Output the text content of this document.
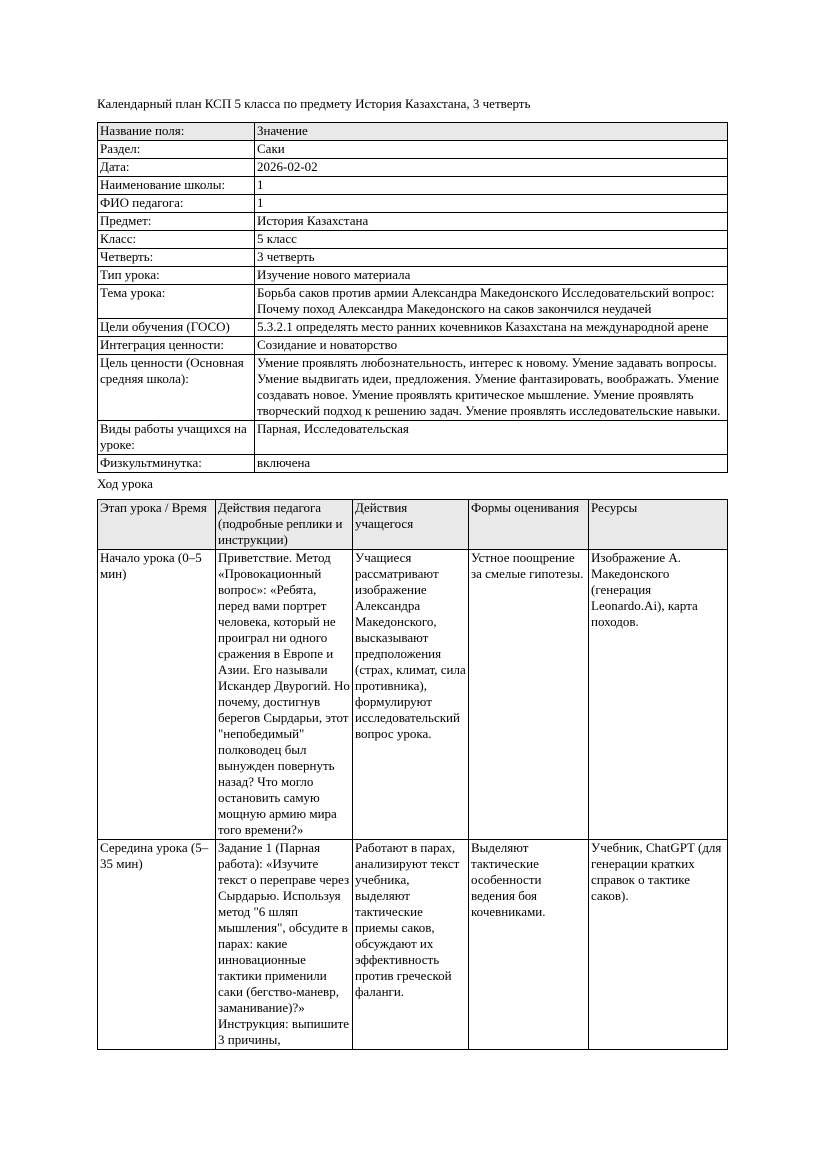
Календарный план КСП 5 класса по предмету История Казахстана, 3 четверть

Название поля:	Значение
Раздел:	Саки
Дата:	2026-02-02
Наименование школы:	1
ФИО педагога:	1
Предмет:	История Казахстана
Класс:	5 класс
Четверть:	3 четверть
Тип урока:	Изучение нового материала
Тема урока:	Борьба саков против армии Александра Македонского Исследовательский вопрос: Почему поход Александра Македонского на саков закончился неудачей
Цели обучения (ГОСО)	5.3.2.1 определять место ранних кочевников Казахстана на международной арене
Интеграция ценности:	Созидание и новаторство
Цель ценности (Основная средняя школа):	Умение проявлять любознательность, интерес к новому. Умение задавать вопросы. Умение выдвигать идеи, предложения. Умение фантазировать, воображать. Умение создавать новое. Умение проявлять критическое мышление. Умение проявлять творческий подход к решению задач. Умение проявлять исследовательские навыки.
Виды работы учащихся на уроке:	Парная, Исследовательская
Физкультминутка:	включена

Ход урока

Этап урока / Время	Действия педагога (подробные реплики и инструкции)	Действия учащегося	Формы оценивания	Ресурсы
Начало урока (0–5 мин)	Приветствие. Метод «Провокационный вопрос»: «Ребята, перед вами портрет человека, который не проиграл ни одного сражения в Европе и Азии. Его называли Искандер Двурогий. Но почему, достигнув берегов Сырдарьи, этот "непобедимый" полководец был вынужден повернуть назад? Что могло остановить самую мощную армию мира того времени?»	Учащиеся рассматривают изображение Александра Македонского, высказывают предположения (страх, климат, сила противника), формулируют исследовательский вопрос урока.	Устное поощрение за смелые гипотезы.	Изображение А. Македонского (генерация Leonardo.Ai), карта походов.
Середина урока (5–35 мин)	Задание 1 (Парная работа): «Изучите текст о переправе через Сырдарью. Используя метод "6 шляп мышления", обсудите в парах: какие инновационные тактики применили саки (бегство-маневр, заманивание)?» Инструкция: выпишите 3 причины,	Работают в парах, анализируют текст учебника, выделяют тактические приемы саков, обсуждают их эффективность против греческой фаланги.	Выделяют тактические особенности ведения боя кочевниками.	Учебник, ChatGPT (для генерации кратких справок о тактике саков).
